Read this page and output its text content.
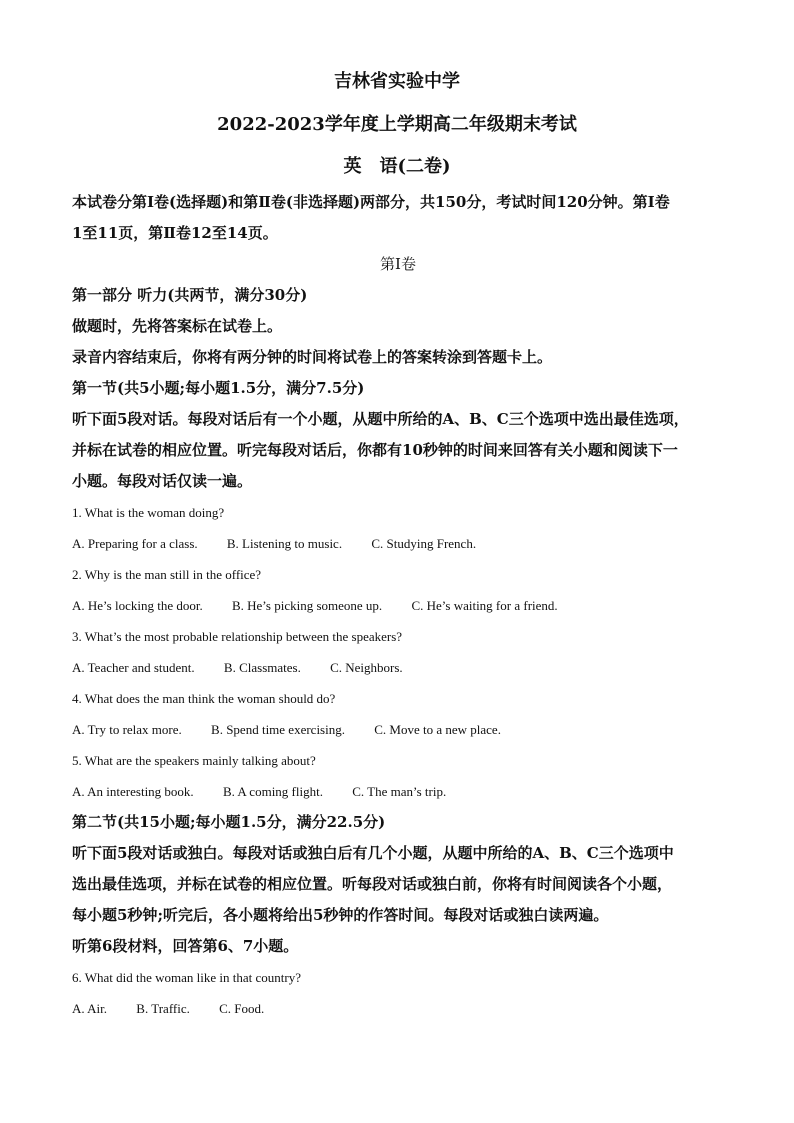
吉林省实验中学
2022-2023学年度上学期高二年级期末考试
英　语(二卷)
本试卷分第Ⅰ卷(选择题)和第Ⅱ卷(非选择题)两部分，共150分，考试时间120分钟。第Ⅰ卷
1至11页，第Ⅱ卷12至14页。
第Ⅰ卷
第一部分 听力(共两节，满分30分)
做题时，先将答案标在试卷上。
录音内容结束后，你将有两分钟的时间将试卷上的答案转涂到答题卡上。
第一节(共5小题;每小题1.5分，满分7.5分)
听下面5段对话。每段对话后有一个小题，从题中所给的A、B、C三个选项中选出最佳选项，
并标在试卷的相应位置。听完每段对话后，你都有10秒钟的时间来回答有关小题和阅读下一
小题。每段对话仅读一遍。
1. What is the woman doing?
A. Preparing for a class. B. Listening to music. C. Studying French.
2. Why is the man still in the office?
A. He’s locking the door. B. He’s picking someone up. C. He’s waiting for a friend.
3. What’s the most probable relationship between the speakers?
A. Teacher and student. B. Classmates. C. Neighbors.
4. What does the man think the woman should do?
A. Try to relax more. B. Spend time exercising. C. Move to a new place.
5. What are the speakers mainly talking about?
A. An interesting book. B. A coming flight. C. The man’s trip.
第二节(共15小题;每小题1.5分，满分22.5分)
听下面5段对话或独白。每段对话或独白后有几个小题，从题中所给的A、B、C三个选项中
选出最佳选项，并标在试卷的相应位置。听每段对话或独白前，你将有时间阅读各个小题，
每小题5秒钟;听完后，各小题将给出5秒钟的作答时间。每段对话或独白读两遍。
听第6段材料，回答第6、7小题。
6. What did the woman like in that country?
A. Air. B. Traffic. C. Food.
